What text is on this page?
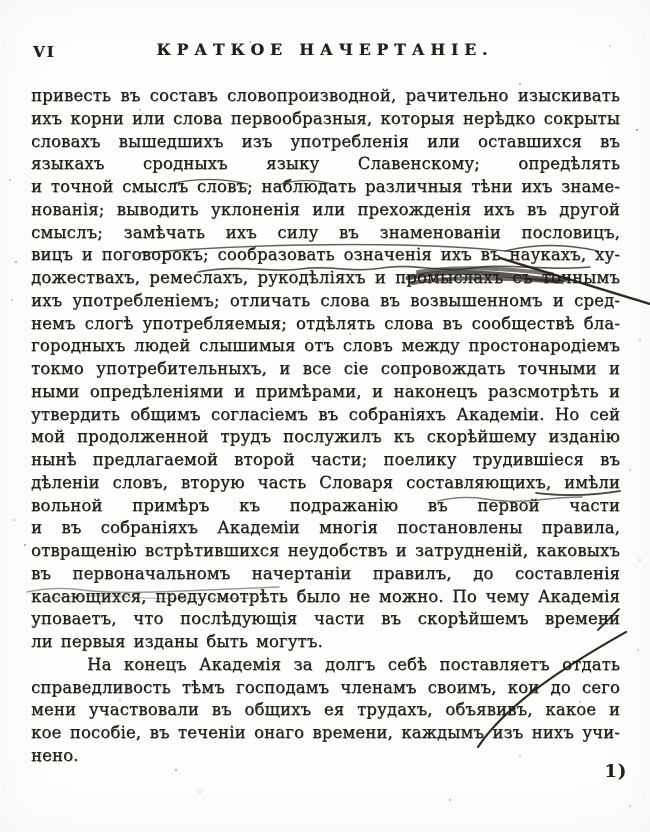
VI	КРАТКОЕ НАЧЕРТАНІЕ.
привесть въ составъ словопроизводной, рачительно изыскивать
ихъ корни или слова первообразныя, которыя нерѣдко сокрыты
словахъ вышедшихъ изъ употребленія или оставшихся въ
языкахъ сродныхъ языку Славенскому; опредѣлять
и точной смыслъ словъ; наблюдать различныя тѣни ихъ знаме-
нованія; выводить уклоненія или прехожденія ихъ въ другой
смыслъ; замѣчать ихъ силу въ знаменованіи пословицъ,
вицъ и поговорокъ; сообразовать означенія ихъ въ наукахъ, ху-
дожествахъ, ремеслахъ, рукодѣліяхъ и промыслахъ съ точнымъ
ихъ употребленіемъ; отличать слова въ возвышенномъ и сред-
немъ слогѣ употребляемыя; отдѣлять слова въ сообществѣ бла-
городныхъ людей слышимыя отъ словъ между простонародіемъ
токмо употребительныхъ, и все сіе сопровождать точными и
ными опредѣленіями и примѣрами, и наконецъ разсмотрѣть и
утвердить общимъ согласіемъ въ собраніяхъ Академіи. Но сей
мой продолженной трудъ послужилъ къ скорѣйшему изданію
нынѣ предлагаемой второй части; поелику трудившіеся въ
дѣленіи словъ, вторую часть Словаря составляющихъ, имѣли
вольной примѣръ къ подражанію въ первой части
и въ собраніяхъ Академіи многія постановлены правила,
отвращенію встрѣтившихся неудобствъ и затрудненій, каковыхъ
въ первоначальномъ начертаніи правилъ, до составленія
касающихся, предусмотрѣть было не можно. По чему Академія
уповаетъ, что послѣдующія части въ скорѣйшемъ времени
ли первыя изданы быть могутъ.
На конецъ Академія за долгъ себѣ поставляетъ отдать
справедливость тѣмъ господамъ членамъ своимъ, кои до сего
мени участвовали въ общихъ ея трудахъ, объявивъ, какое и
кое пособіе, въ теченіи онаго времени, каждымъ изъ нихъ учи-
нено.
1)
